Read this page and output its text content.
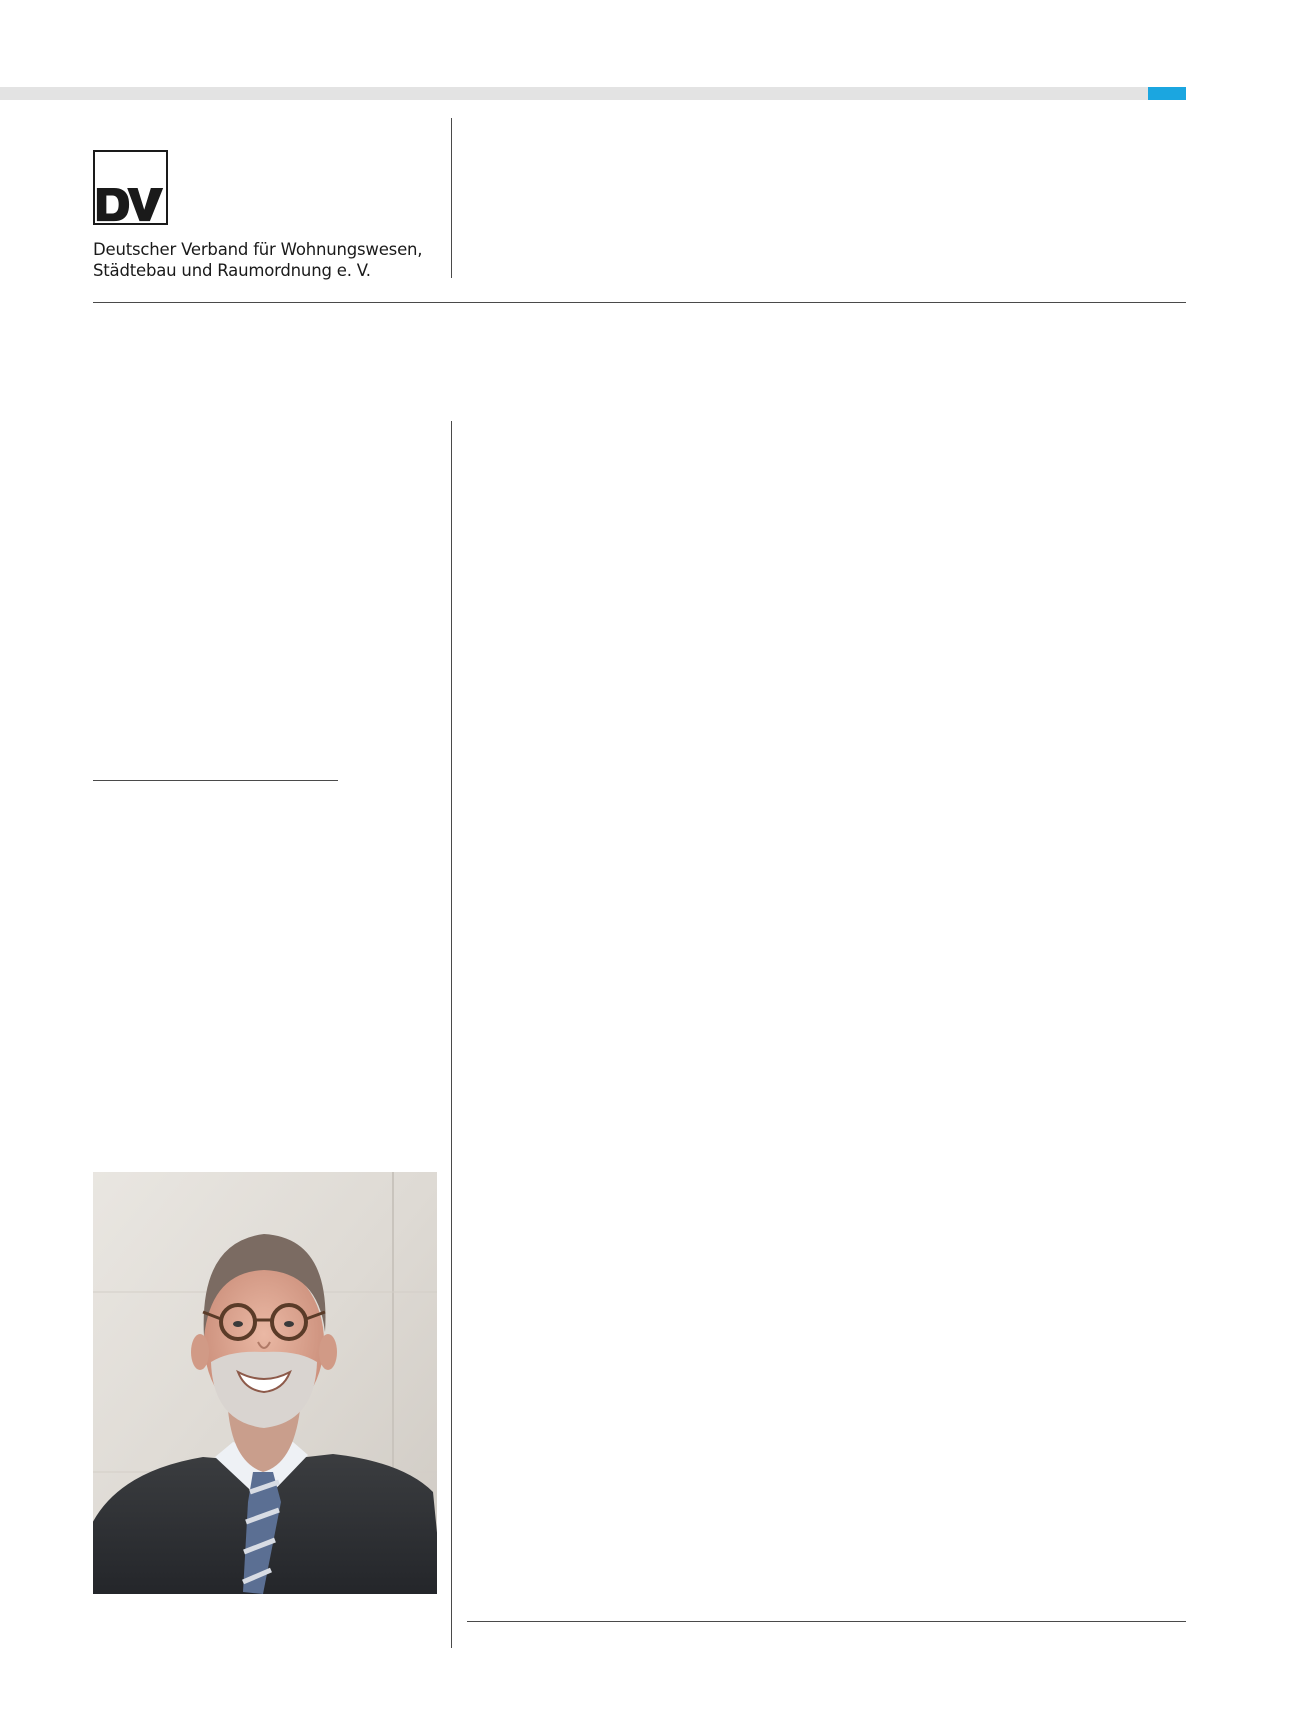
Deutscher Verband für Wohnungswesen,
Städtebau und Raumordnung e. V.
